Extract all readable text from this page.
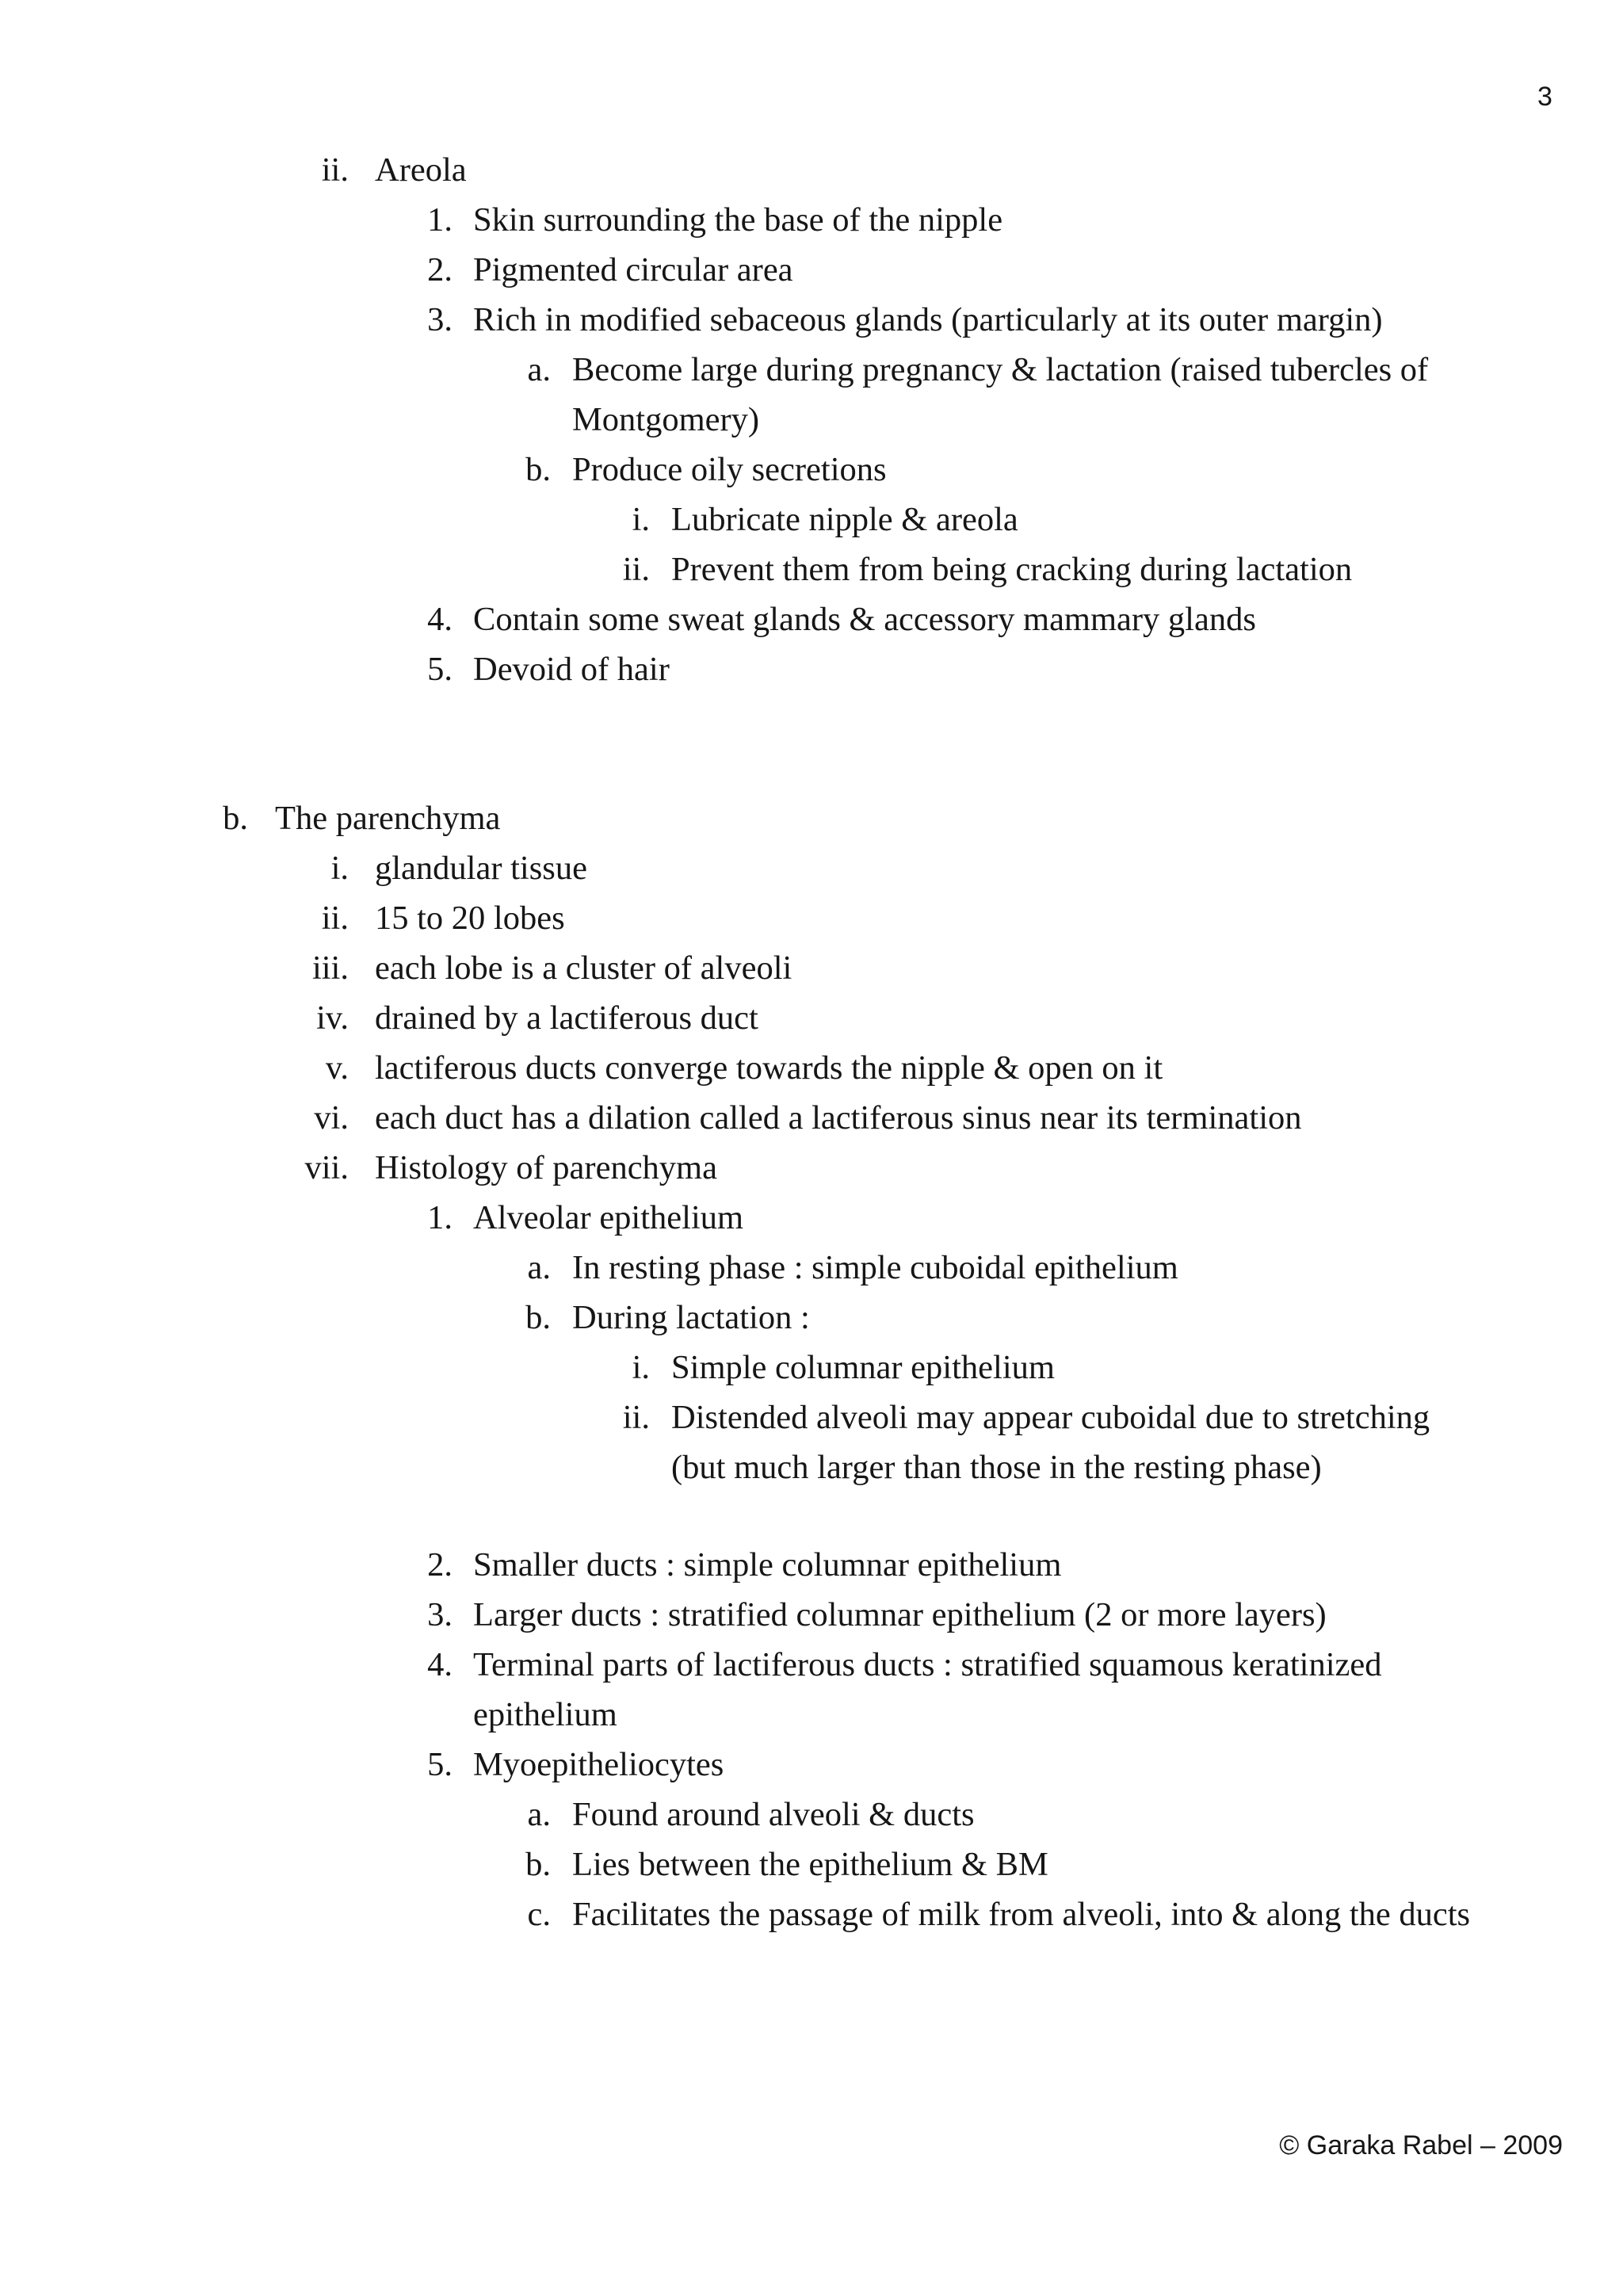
3
ii. Areola
1. Skin surrounding the base of the nipple
2. Pigmented circular area
3. Rich in modified sebaceous glands (particularly at its outer margin)
a. Become large during pregnancy & lactation (raised tubercles of
Montgomery)
b. Produce oily secretions
i. Lubricate nipple & areola
ii. Prevent them from being cracking during lactation
4. Contain some sweat glands & accessory mammary glands
5. Devoid of hair
b. The parenchyma
i. glandular tissue
ii. 15 to 20 lobes
iii. each lobe is a cluster of alveoli
iv. drained by a lactiferous duct
v. lactiferous ducts converge towards the nipple & open on it
vi. each duct has a dilation called a lactiferous sinus near its termination
vii. Histology of parenchyma
1. Alveolar epithelium
a. In resting phase : simple cuboidal epithelium
b. During lactation :
i. Simple columnar epithelium
ii. Distended alveoli may appear cuboidal due to stretching
(but much larger than those in the resting phase)
2. Smaller ducts : simple columnar epithelium
3. Larger ducts : stratified columnar epithelium (2 or more layers)
4. Terminal parts of lactiferous ducts : stratified squamous keratinized
epithelium
5. Myoepitheliocytes
a. Found around alveoli & ducts
b. Lies between the epithelium & BM
c. Facilitates the passage of milk from alveoli, into & along the ducts
© Garaka Rabel – 2009
